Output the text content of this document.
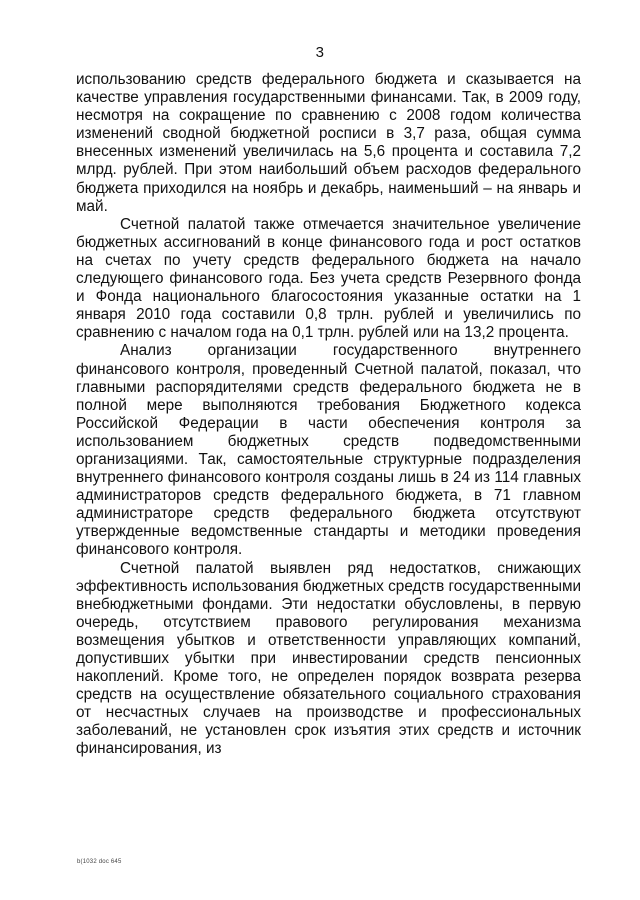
3

использованию средств федерального бюджета и сказывается на качестве управления государственными финансами. Так, в 2009 году, несмотря на сокращение по сравнению с 2008 годом количества изменений сводной бюджетной росписи в 3,7 раза, общая сумма внесенных изменений увеличилась на 5,6 процента и составила 7,2 млрд. рублей. При этом наибольший объем расходов федерального бюджета приходился на ноябрь и декабрь, наименьший – на январь и май.

Счетной палатой также отмечается значительное увеличение бюджетных ассигнований в конце финансового года и рост остатков на счетах по учету средств федерального бюджета на начало следующего финансового года. Без учета средств Резервного фонда и Фонда национального благосостояния указанные остатки на 1 января 2010 года составили 0,8 трлн. рублей и увеличились по сравнению с началом года на 0,1 трлн. рублей или на 13,2 процента.

Анализ организации государственного внутреннего финансового контроля, проведенный Счетной палатой, показал, что главными распорядителями средств федерального бюджета не в полной мере выполняются требования Бюджетного кодекса Российской Федерации в части обеспечения контроля за использованием бюджетных средств подведомственными организациями. Так, самостоятельные структурные подразделения внутреннего финансового контроля созданы лишь в 24 из 114 главных администраторов средств федерального бюджета, в 71 главном администраторе средств федерального бюджета отсутствуют утвержденные ведомственные стандарты и методики проведения финансового контроля.

Счетной палатой выявлен ряд недостатков, снижающих эффективность использования бюджетных средств государственными внебюджетными фондами. Эти недостатки обусловлены, в первую очередь, отсутствием правового регулирования механизма возмещения убытков и ответственности управляющих компаний, допустивших убытки при инвестировании средств пенсионных накоплений. Кроме того, не определен порядок возврата резерва средств на осуществление обязательного социального страхования от несчастных случаев на производстве и профессиональных заболеваний, не установлен срок изъятия этих средств и источник финансирования, из

b(1032 doc 645
